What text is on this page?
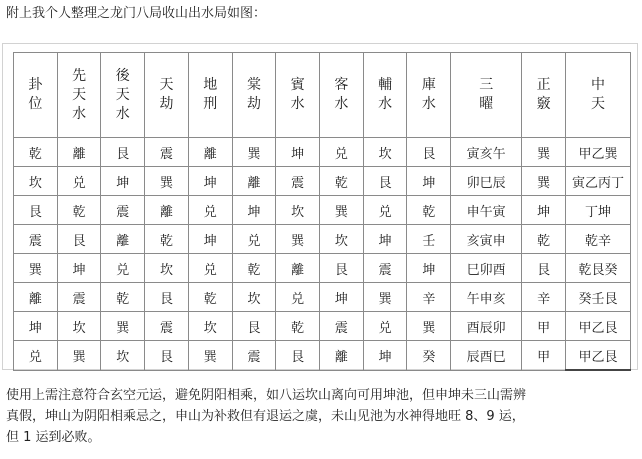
附上我个人整理之龙门八局收山出水局如图：
卦位	先天水	後天水	天劫	地刑	棠劫	賓水	客水	輔水	庫水	三曜	正竅	中天
乾	離	艮	震	離	巽	坤	兑	坎	艮	寅亥午	巽	甲乙巽
坎	兑	坤	巽	坤	離	震	乾	艮	坤	卯巳辰	巽	寅乙丙丁
艮	乾	震	離	兑	坤	坎	巽	兑	乾	申午寅	坤	丁坤
震	艮	離	乾	坤	兑	巽	坎	坤	壬	亥寅申	乾	乾辛
巽	坤	兑	坎	兑	乾	離	艮	震	坤	巳卯酉	艮	乾艮癸
離	震	乾	艮	乾	坎	兑	坤	巽	辛	午申亥	辛	癸壬艮
坤	坎	巽	震	坎	艮	乾	震	兑	巽	酉辰卯	甲	甲乙艮
兑	巽	坎	艮	巽	震	艮	離	坤	癸	辰酉巳	甲	甲乙艮
使用上需注意符合玄空元运，避免阴阳相乘，如八运坎山离向可用坤池，但申坤未三山需辨
真假，坤山为阴阳相乘忌之，申山为补救但有退运之虞，未山见池为水神得地旺 8、9 运，
但 1 运到必败。
